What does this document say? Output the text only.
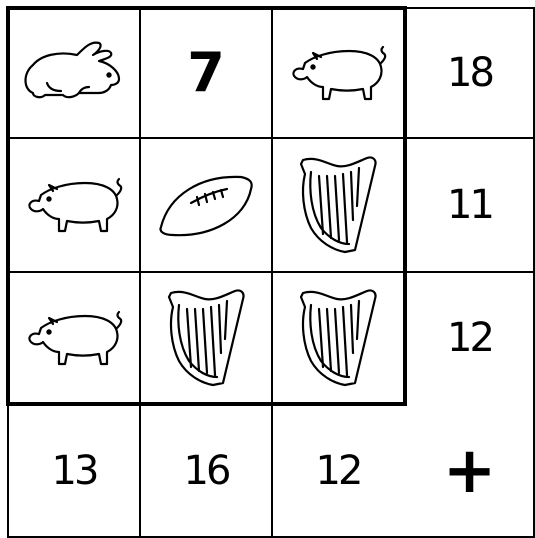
7	18
11
12
13 16 12 +
